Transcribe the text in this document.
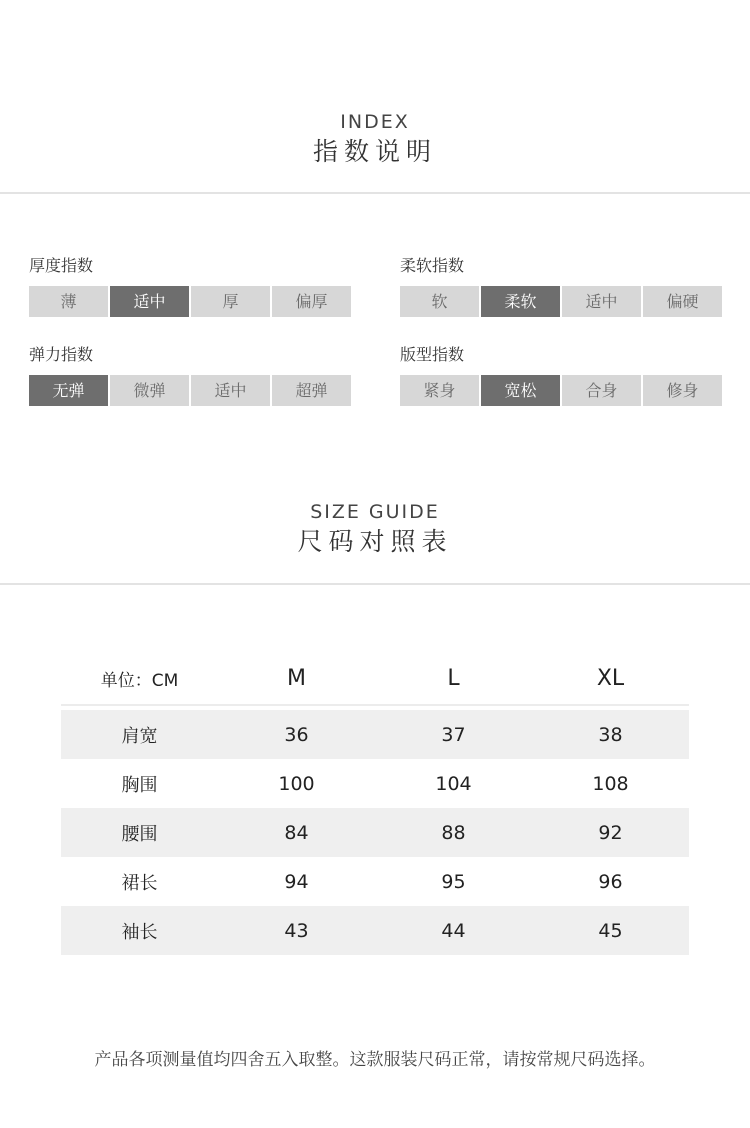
INDEX
指数说明
厚度指数
薄	适中	厚	偏厚
柔软指数
软	柔软	适中	偏硬
弹力指数
无弹	微弹	适中	超弹
版型指数
紧身	宽松	合身	修身
SIZE GUIDE
尺码对照表
单位：CM	M	L	XL
肩宽	36	37	38
胸围	100	104	108
腰围	84	88	92
裙长	94	95	96
袖长	43	44	45
产品各项测量值均四舍五入取整。这款服装尺码正常，请按常规尺码选择。
